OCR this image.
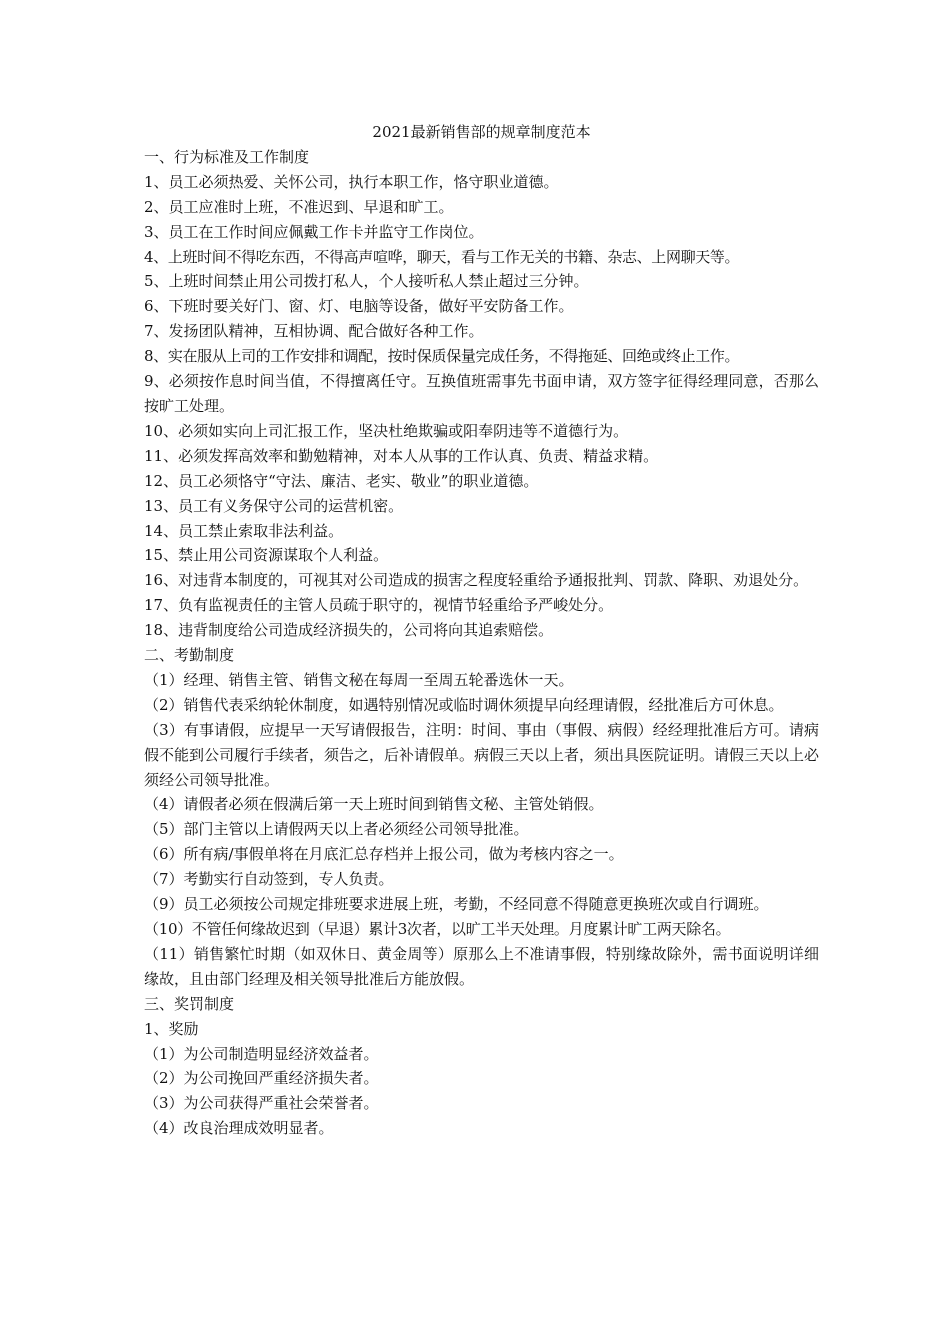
2021最新销售部的规章制度范本

一、行为标准及工作制度

1、员工必须热爱、关怀公司，执行本职工作，恪守职业道德。

2、员工应准时上班，不准迟到、早退和旷工。

3、员工在工作时间应佩戴工作卡并监守工作岗位。

4、上班时间不得吃东西，不得高声喧哗，聊天，看与工作无关的书籍、杂志、上网聊天等。

5、上班时间禁止用公司拨打私人，个人接听私人禁止超过三分钟。

6、下班时要关好门、窗、灯、电脑等设备，做好平安防备工作。

7、发扬团队精神，互相协调、配合做好各种工作。

8、实在服从上司的工作安排和调配，按时保质保量完成任务，不得拖延、回绝或终止工作。

9、必须按作息时间当值，不得擅离任守。互换值班需事先书面申请，双方签字征得经理同意，否那么按旷工处理。

10、必须如实向上司汇报工作，坚决杜绝欺骗或阳奉阴违等不道德行为。

11、必须发挥高效率和勤勉精神，对本人从事的工作认真、负责、精益求精。

12、员工必须恪守“守法、廉洁、老实、敬业”的职业道德。

13、员工有义务保守公司的运营机密。

14、员工禁止索取非法利益。

15、禁止用公司资源谋取个人利益。

16、对违背本制度的，可视其对公司造成的损害之程度轻重给予通报批判、罚款、降职、劝退处分。

17、负有监视责任的主管人员疏于职守的，视情节轻重给予严峻处分。

18、违背制度给公司造成经济损失的，公司将向其追索赔偿。

二、考勤制度

（1）经理、销售主管、销售文秘在每周一至周五轮番选休一天。

（2）销售代表采纳轮休制度，如遇特别情况或临时调休须提早向经理请假，经批准后方可休息。

（3）有事请假，应提早一天写请假报告，注明：时间、事由（事假、病假）经经理批准后方可。请病假不能到公司履行手续者，须告之，后补请假单。病假三天以上者，须出具医院证明。请假三天以上必须经公司领导批准。

（4）请假者必须在假满后第一天上班时间到销售文秘、主管处销假。

（5）部门主管以上请假两天以上者必须经公司领导批准。

（6）所有病/事假单将在月底汇总存档并上报公司，做为考核内容之一。

（7）考勤实行自动签到，专人负责。

（9）员工必须按公司规定排班要求进展上班，考勤，不经同意不得随意更换班次或自行调班。

（10）不管任何缘故迟到（早退）累计3次者，以旷工半天处理。月度累计旷工两天除名。

（11）销售繁忙时期（如双休日、黄金周等）原那么上不准请事假，特别缘故除外，需书面说明详细缘故，且由部门经理及相关领导批准后方能放假。

三、奖罚制度

1、奖励

（1）为公司制造明显经济效益者。

（2）为公司挽回严重经济损失者。

（3）为公司获得严重社会荣誉者。

（4）改良治理成效明显者。
